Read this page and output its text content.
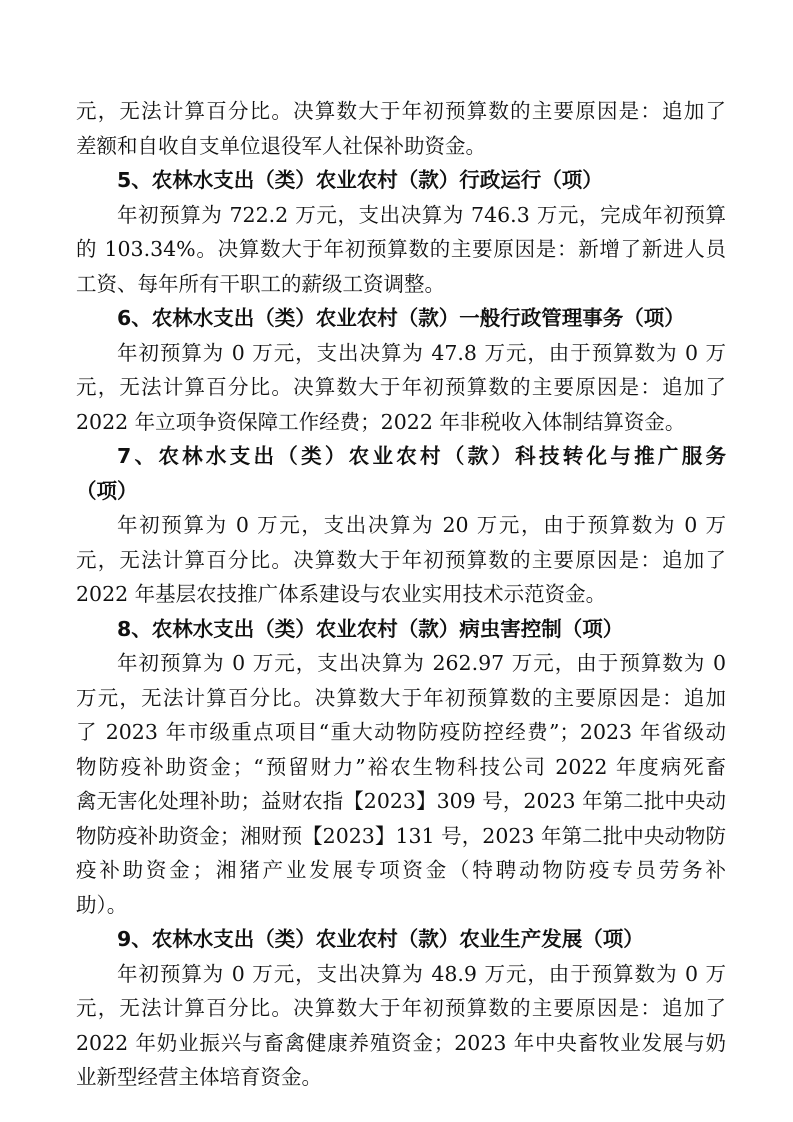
元，无法计算百分比。决算数大于年初预算数的主要原因是：追加了
差额和自收自支单位退役军人社保补助资金。
5、农林水支出（类）农业农村（款）行政运行（项）
年初预算为 722.2 万元，支出决算为 746.3 万元，完成年初预算
的 103.34%。决算数大于年初预算数的主要原因是：新增了新进人员
工资、每年所有干职工的薪级工资调整。
6、农林水支出（类）农业农村（款）一般行政管理事务（项）
年初预算为 0 万元，支出决算为 47.8 万元，由于预算数为 0 万
元，无法计算百分比。决算数大于年初预算数的主要原因是：追加了
2022 年立项争资保障工作经费；2022 年非税收入体制结算资金。
7、农林水支出（类）农业农村（款）科技转化与推广服务
（项）
年初预算为 0 万元，支出决算为 20 万元，由于预算数为 0 万
元，无法计算百分比。决算数大于年初预算数的主要原因是：追加了
2022 年基层农技推广体系建设与农业实用技术示范资金。
8、农林水支出（类）农业农村（款）病虫害控制（项）
年初预算为 0 万元，支出决算为 262.97 万元，由于预算数为 0
万元，无法计算百分比。决算数大于年初预算数的主要原因是：追加
了 2023 年市级重点项目“重大动物防疫防控经费”；2023 年省级动
物防疫补助资金；“预留财力”裕农生物科技公司 2022 年度病死畜
禽无害化处理补助；益财农指【2023】309 号，2023 年第二批中央动
物防疫补助资金；湘财预【2023】131 号，2023 年第二批中央动物防
疫补助资金；湘猪产业发展专项资金（特聘动物防疫专员劳务补
助）。
9、农林水支出（类）农业农村（款）农业生产发展（项）
年初预算为 0 万元，支出决算为 48.9 万元，由于预算数为 0 万
元，无法计算百分比。决算数大于年初预算数的主要原因是：追加了
2022 年奶业振兴与畜禽健康养殖资金；2023 年中央畜牧业发展与奶
业新型经营主体培育资金。
